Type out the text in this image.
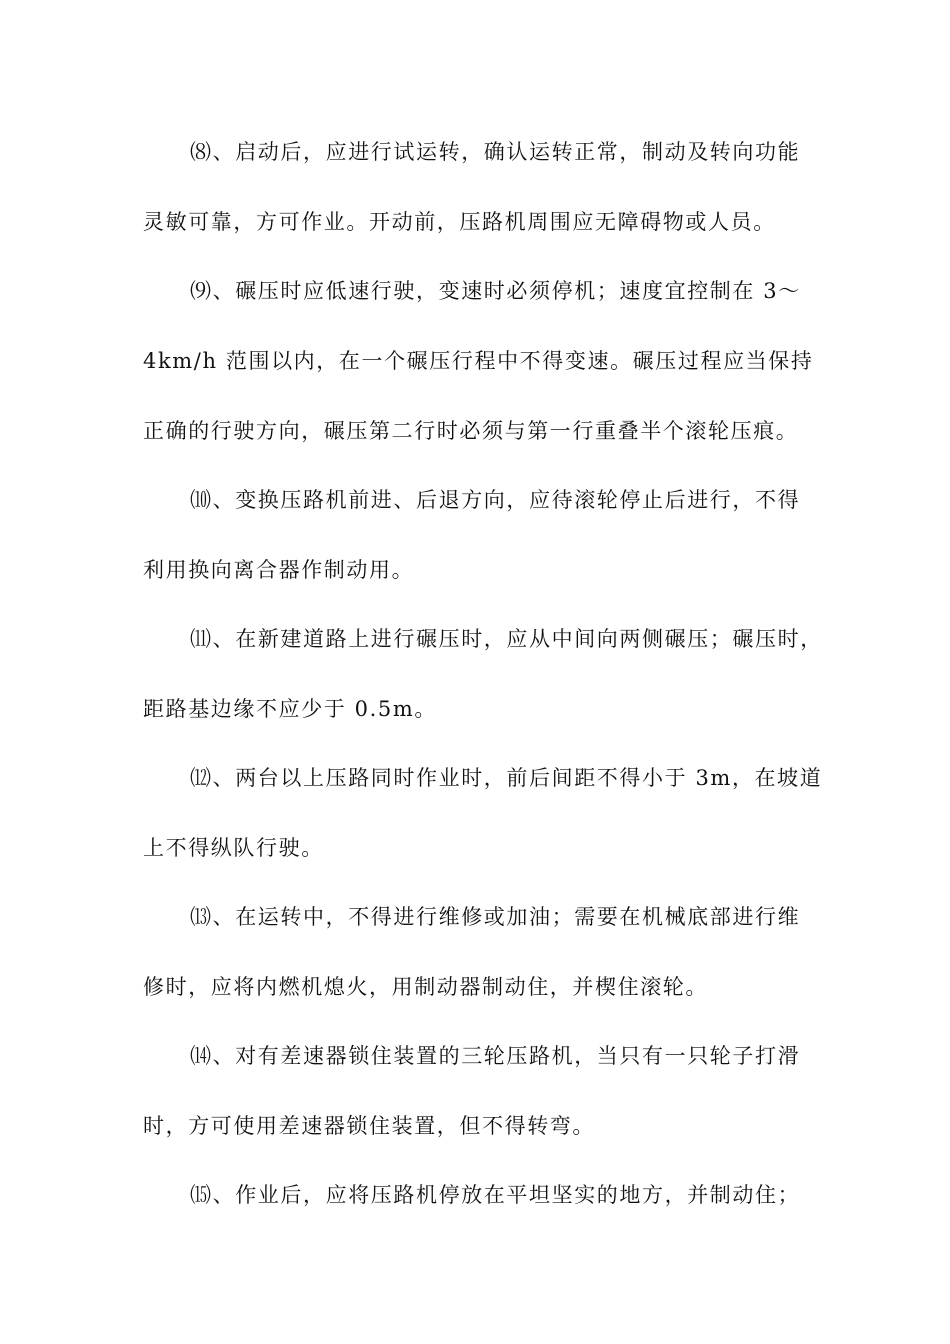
⑻、启动后，应进行试运转，确认运转正常，制动及转向功能
灵敏可靠，方可作业。开动前，压路机周围应无障碍物或人员。
⑼、碾压时应低速行驶，变速时必须停机；速度宜控制在 3～
4km/h 范围以内，在一个碾压行程中不得变速。碾压过程应当保持
正确的行驶方向，碾压第二行时必须与第一行重叠半个滚轮压痕。
⑽、变换压路机前进、后退方向，应待滚轮停止后进行，不得
利用换向离合器作制动用。
⑾、在新建道路上进行碾压时，应从中间向两侧碾压；碾压时，
距路基边缘不应少于 0.5m。
⑿、两台以上压路同时作业时，前后间距不得小于 3m，在坡道
上不得纵队行驶。
⒀、在运转中，不得进行维修或加油；需要在机械底部进行维
修时，应将内燃机熄火，用制动器制动住，并楔住滚轮。
⒁、对有差速器锁住装置的三轮压路机，当只有一只轮子打滑
时，方可使用差速器锁住装置，但不得转弯。
⒂、作业后，应将压路机停放在平坦坚实的地方，并制动住；
